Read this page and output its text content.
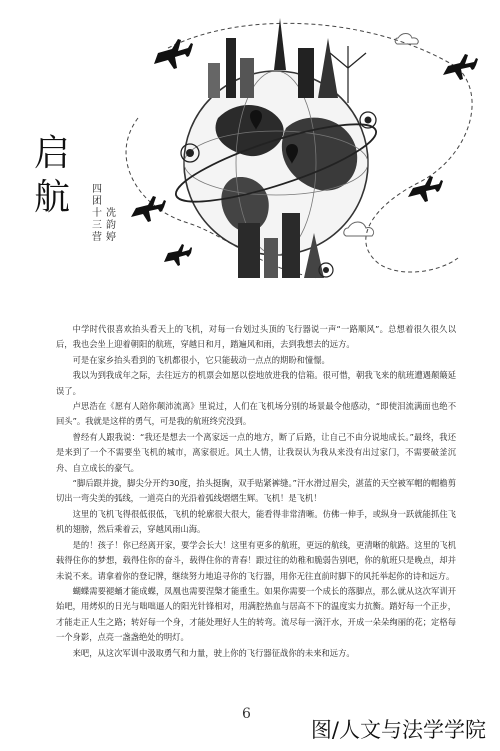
启
航 四
团
十
三
营
冼
韵
婷

中学时代很喜欢抬头看天上的飞机，对每一台划过头顶的飞行器说一声“一路顺风”。总想着很久很久以后，我也会坐上迎着朝阳的航班，穿越日和月，踏遍风和雨，去到我想去的远方。

可是在家乡抬头看到的飞机都很小，它只能载动一点点的期盼和憧憬。

我以为到我成年之际，去往远方的机票会如愿以偿地放进我的信箱。很可惜，朝我飞来的航班遭遇颠簸延误了。

卢思浩在《愿有人陪你颠沛流离》里说过，人们在飞机场分别的场景最令他感动，“即使泪流满面也绝不回头”。我就是这样的勇气，可是我的航班终究没到。

曾经有人跟我说：“我还是想去一个离家远一点的地方，断了后路，让自己不由分说地成长。”最终，我还是来到了一个不需要坐飞机的城市，离家很近。风土人情，让我误认为我从来没有出过家门，不需要破釜沉舟、自立成长的豪气。

“脚后跟并拢，脚尖分开约30度，抬头挺胸，双手贴紧裤缝。”汗水滑过眉尖，湛蓝的天空被军帽的帽檐剪切出一弯尖美的弧线，一道亮白的光沿着弧线熠熠生辉。飞机！是飞机！

这里的飞机飞得很低很低，飞机的轮廓很大很大，能看得非常清晰。仿佛一伸手，或纵身一跃就能抓住飞机的翅膀，然后乘着云，穿越风雨山海。

是的！孩子！你已经离开家，要学会长大！这里有更多的航班，更远的航线，更清晰的航路。这里的飞机载得住你的梦想，载得住你的奋斗，载得住你的青春！跟过往的幼稚和脆弱告别吧，你的航班只是晚点，却并未说不来。请拿着你的登记牌，继续努力地追寻你的飞行器，用你无往直前时脚下的风托举起你的诗和远方。

蝴蝶需要褪蛹才能成蝶，凤凰也需要涅槃才能重生。如果你需要一个成长的落脚点，那么就从这次军训开始吧，用烤炽的日光与咄咄逼人的阳光针锋相对，用满腔热血与居高不下的温度实力抗衡。踏好每一个正步，才能走正人生之路；转好每一个身，才能处理好人生的转弯。流尽每一滴汗水，开成一朵朵绚丽的花；定格每一个身影，点亮一盏盏绝处的明灯。

来吧，从这次军训中汲取勇气和力量，驶上你的飞行器征战你的未来和远方。

6
图/人文与法学学院
